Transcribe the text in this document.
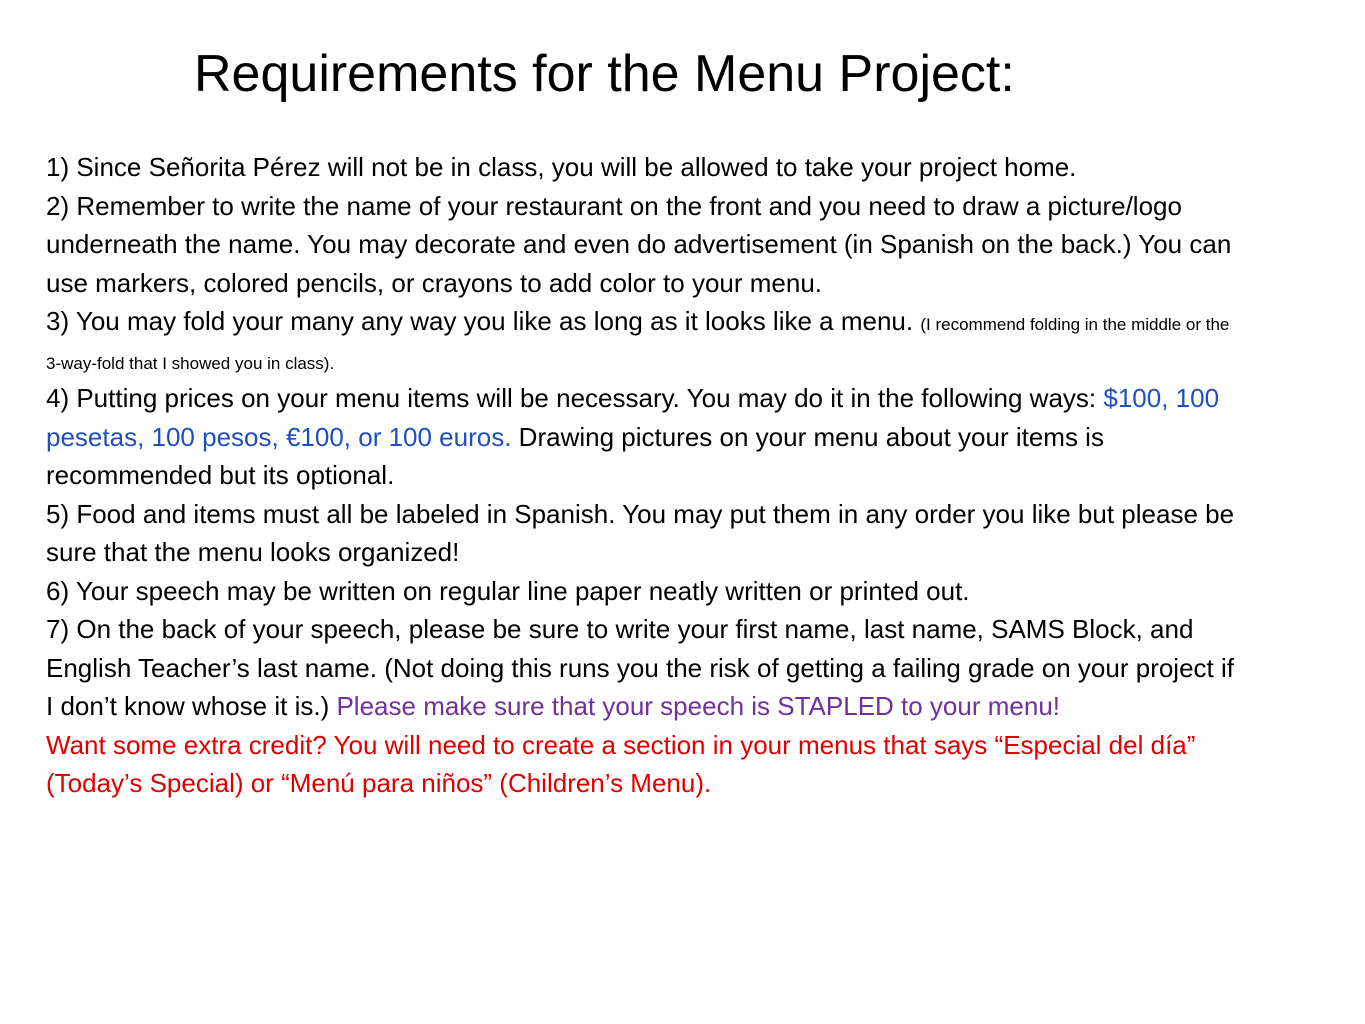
Requirements for the Menu Project:

1) Since Señorita Pérez will not be in class, you will be allowed to take your project home.

2) Remember to write the name of your restaurant on the front and you need to draw a picture/logo underneath the name. You may decorate and even do advertisement (in Spanish on the back.) You can use markers, colored pencils, or crayons to add color to your menu.

3) You may fold your many any way you like as long as it looks like a menu. (I recommend folding in the middle or the 3-way-fold that I showed you in class).

4) Putting prices on your menu items will be necessary. You may do it in the following ways: $100, 100 pesetas, 100 pesos, €100, or 100 euros. Drawing pictures on your menu about your items is recommended but its optional.

5) Food and items must all be labeled in Spanish. You may put them in any order you like but please be sure that the menu looks organized!

6) Your speech may be written on regular line paper neatly written or printed out.

7) On the back of your speech, please be sure to write your first name, last name, SAMS Block, and English Teacher’s last name. (Not doing this runs you the risk of getting a failing grade on your project if I don’t know whose it is.) Please make sure that your speech is STAPLED to your menu!

Want some extra credit? You will need to create a section in your menus that says “Especial del día” (Today’s Special) or “Menú para niños” (Children’s Menu).
